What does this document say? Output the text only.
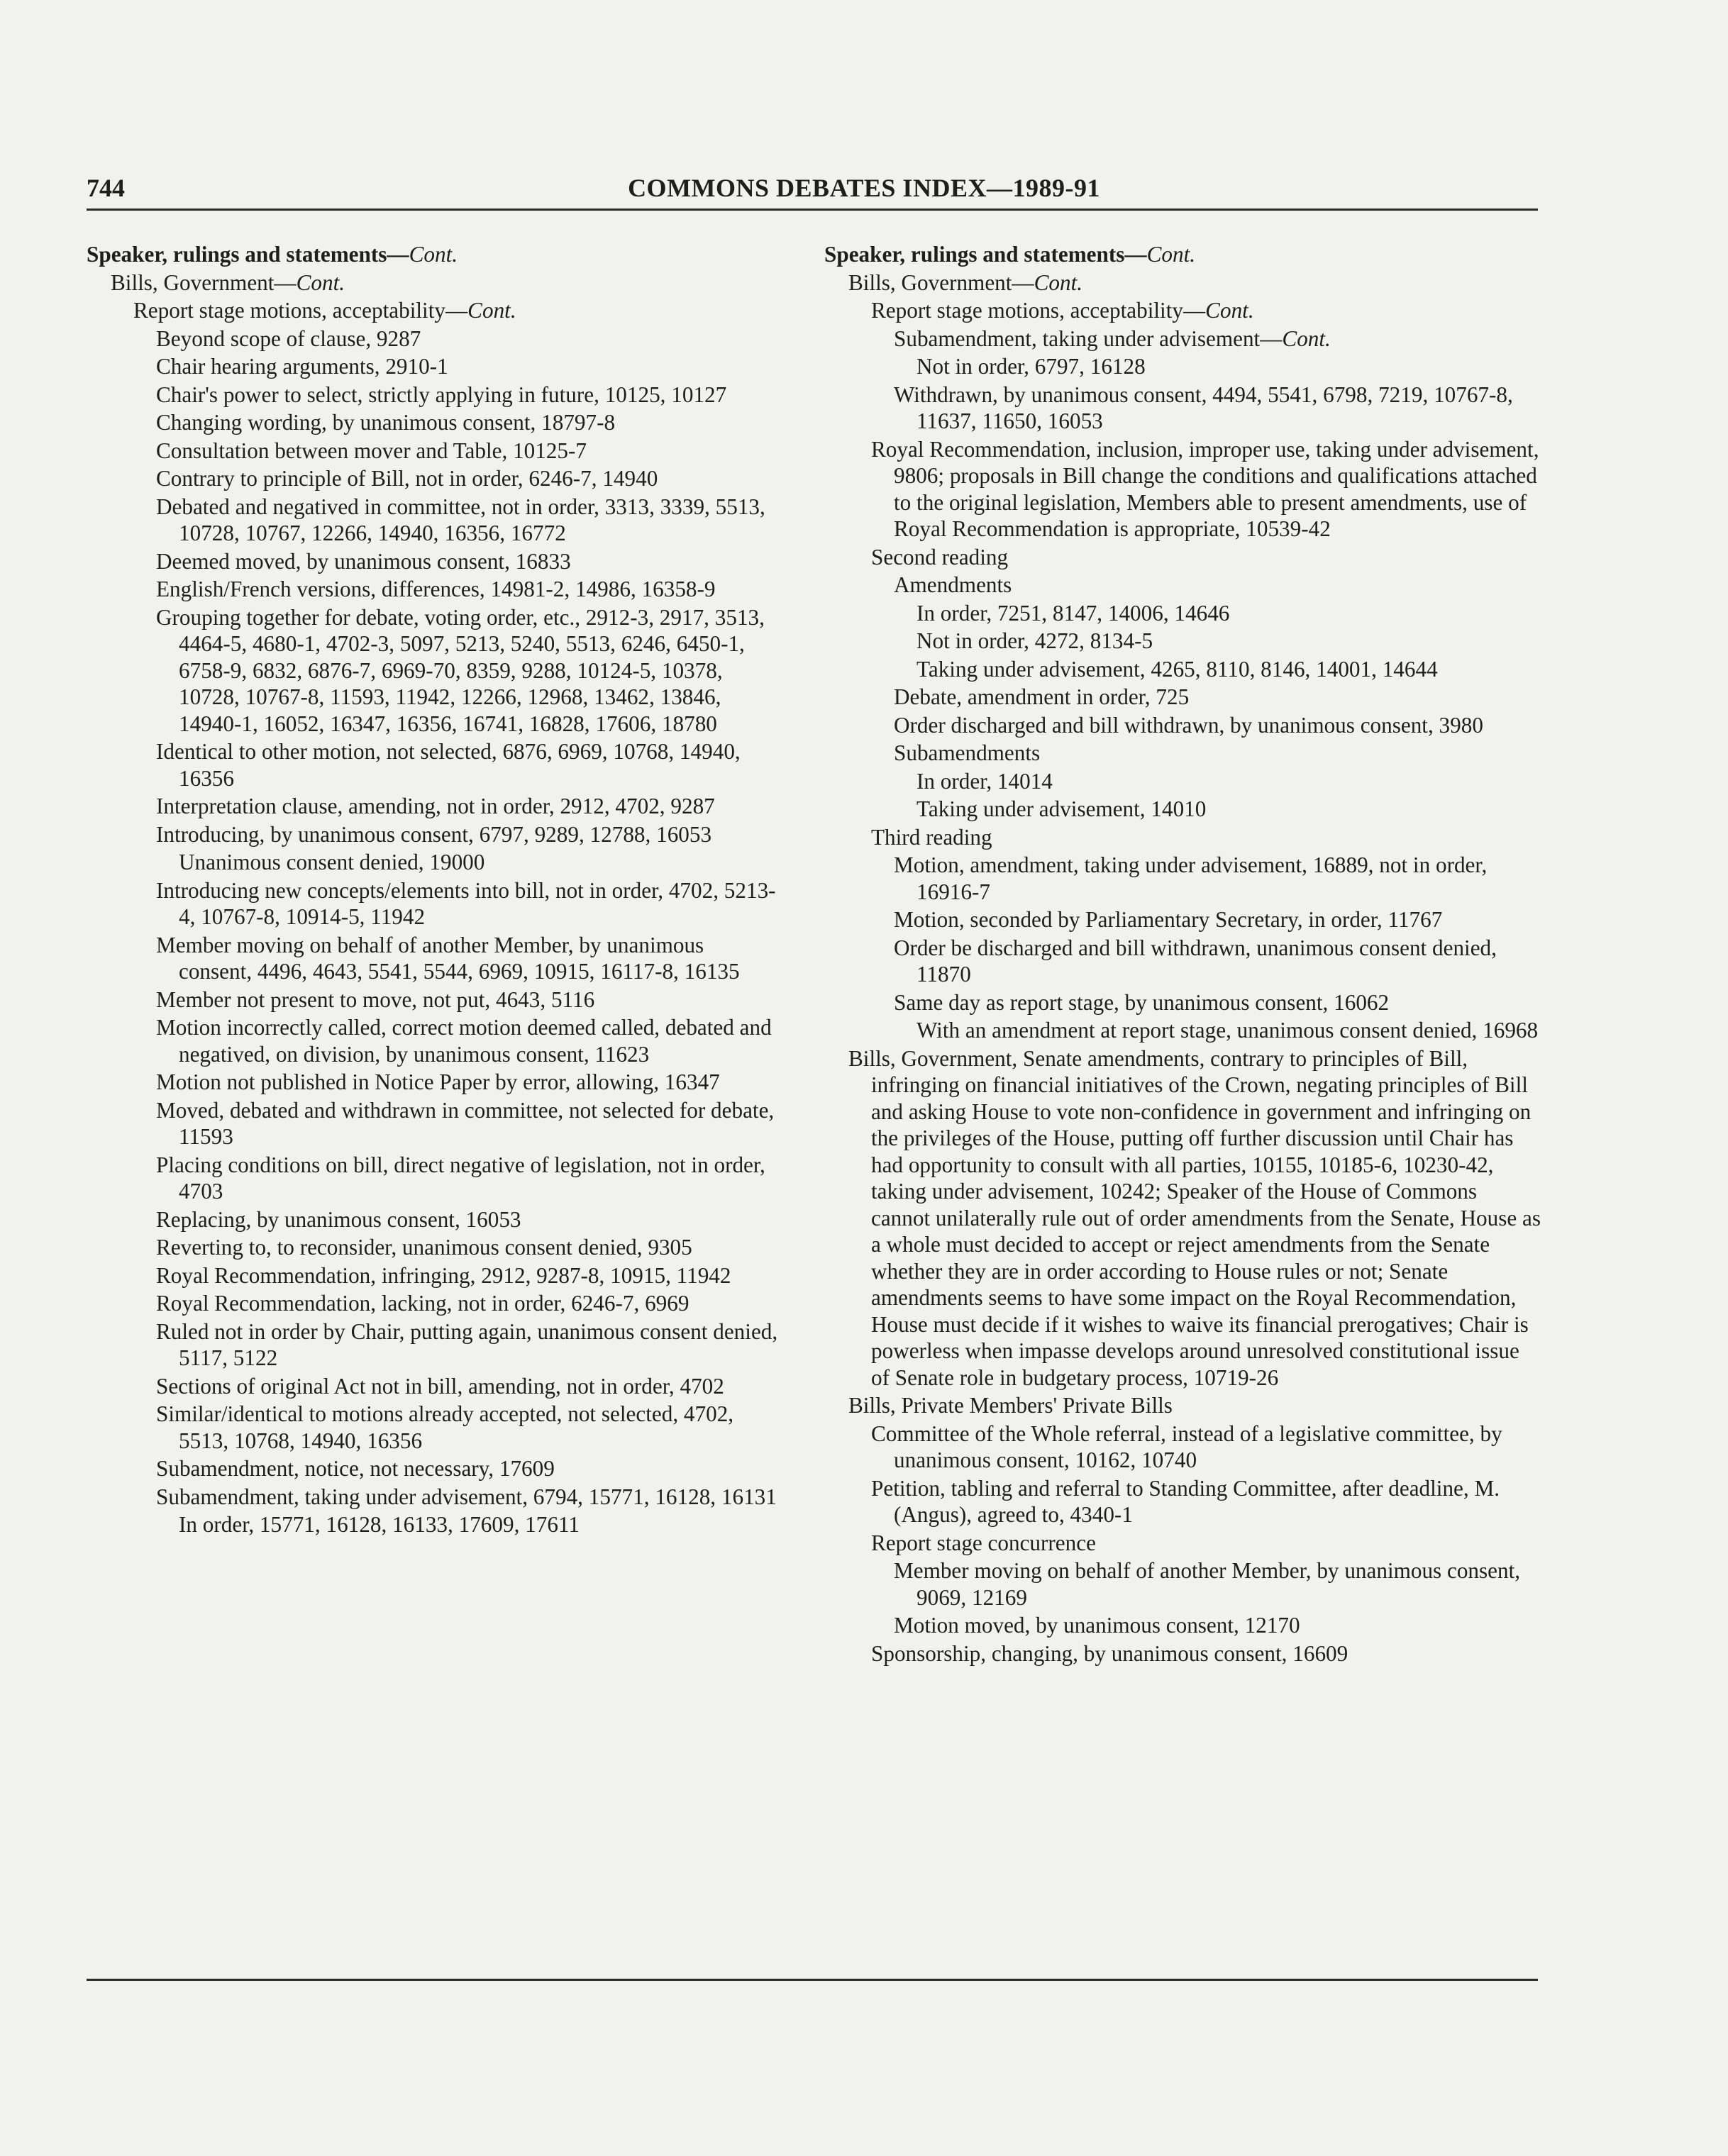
744	COMMONS DEBATES INDEX—1989-91
Speaker, rulings and statements—Cont.
Bills, Government—Cont.
Report stage motions, acceptability—Cont.
Beyond scope of clause, 9287
Chair hearing arguments, 2910-1
Chair's power to select, strictly applying in future, 10125, 10127
Changing wording, by unanimous consent, 18797-8
Consultation between mover and Table, 10125-7
Contrary to principle of Bill, not in order, 6246-7, 14940
Debated and negatived in committee, not in order, 3313, 3339, 5513, 10728, 10767, 12266, 14940, 16356, 16772
Deemed moved, by unanimous consent, 16833
English/French versions, differences, 14981-2, 14986, 16358-9
Grouping together for debate, voting order, etc., 2912-3, 2917, 3513, 4464-5, 4680-1, 4702-3, 5097, 5213, 5240, 5513, 6246, 6450-1, 6758-9, 6832, 6876-7, 6969-70, 8359, 9288, 10124-5, 10378, 10728, 10767-8, 11593, 11942, 12266, 12968, 13462, 13846, 14940-1, 16052, 16347, 16356, 16741, 16828, 17606, 18780
Identical to other motion, not selected, 6876, 6969, 10768, 14940, 16356
Interpretation clause, amending, not in order, 2912, 4702, 9287
Introducing, by unanimous consent, 6797, 9289, 12788, 16053
Unanimous consent denied, 19000
Introducing new concepts/elements into bill, not in order, 4702, 5213-4, 10767-8, 10914-5, 11942
Member moving on behalf of another Member, by unanimous consent, 4496, 4643, 5541, 5544, 6969, 10915, 16117-8, 16135
Member not present to move, not put, 4643, 5116
Motion incorrectly called, correct motion deemed called, debated and negatived, on division, by unanimous consent, 11623
Motion not published in Notice Paper by error, allowing, 16347
Moved, debated and withdrawn in committee, not selected for debate, 11593
Placing conditions on bill, direct negative of legislation, not in order, 4703
Replacing, by unanimous consent, 16053
Reverting to, to reconsider, unanimous consent denied, 9305
Royal Recommendation, infringing, 2912, 9287-8, 10915, 11942
Royal Recommendation, lacking, not in order, 6246-7, 6969
Ruled not in order by Chair, putting again, unanimous consent denied, 5117, 5122
Sections of original Act not in bill, amending, not in order, 4702
Similar/identical to motions already accepted, not selected, 4702, 5513, 10768, 14940, 16356
Subamendment, notice, not necessary, 17609
Subamendment, taking under advisement, 6794, 15771, 16128, 16131
In order, 15771, 16128, 16133, 17609, 17611
Speaker, rulings and statements—Cont.
Bills, Government—Cont.
Report stage motions, acceptability—Cont.
Subamendment, taking under advisement—Cont.
Not in order, 6797, 16128
Withdrawn, by unanimous consent, 4494, 5541, 6798, 7219, 10767-8, 11637, 11650, 16053
Royal Recommendation, inclusion, improper use, taking under advisement, 9806; proposals in Bill change the conditions and qualifications attached to the original legislation, Members able to present amendments, use of Royal Recommendation is appropriate, 10539-42
Second reading
Amendments
In order, 7251, 8147, 14006, 14646
Not in order, 4272, 8134-5
Taking under advisement, 4265, 8110, 8146, 14001, 14644
Debate, amendment in order, 725
Order discharged and bill withdrawn, by unanimous consent, 3980
Subamendments
In order, 14014
Taking under advisement, 14010
Third reading
Motion, amendment, taking under advisement, 16889, not in order, 16916-7
Motion, seconded by Parliamentary Secretary, in order, 11767
Order be discharged and bill withdrawn, unanimous consent denied, 11870
Same day as report stage, by unanimous consent, 16062
With an amendment at report stage, unanimous consent denied, 16968
Bills, Government, Senate amendments, contrary to principles of Bill, infringing on financial initiatives of the Crown, negating principles of Bill and asking House to vote non-confidence in government and infringing on the privileges of the House, putting off further discussion until Chair has had opportunity to consult with all parties, 10155, 10185-6, 10230-42, taking under advisement, 10242; Speaker of the House of Commons cannot unilaterally rule out of order amendments from the Senate, House as a whole must decided to accept or reject amendments from the Senate whether they are in order according to House rules or not; Senate amendments seems to have some impact on the Royal Recommendation, House must decide if it wishes to waive its financial prerogatives; Chair is powerless when impasse develops around unresolved constitutional issue of Senate role in budgetary process, 10719-26
Bills, Private Members' Private Bills
Committee of the Whole referral, instead of a legislative committee, by unanimous consent, 10162, 10740
Petition, tabling and referral to Standing Committee, after deadline, M. (Angus), agreed to, 4340-1
Report stage concurrence
Member moving on behalf of another Member, by unanimous consent, 9069, 12169
Motion moved, by unanimous consent, 12170
Sponsorship, changing, by unanimous consent, 16609
